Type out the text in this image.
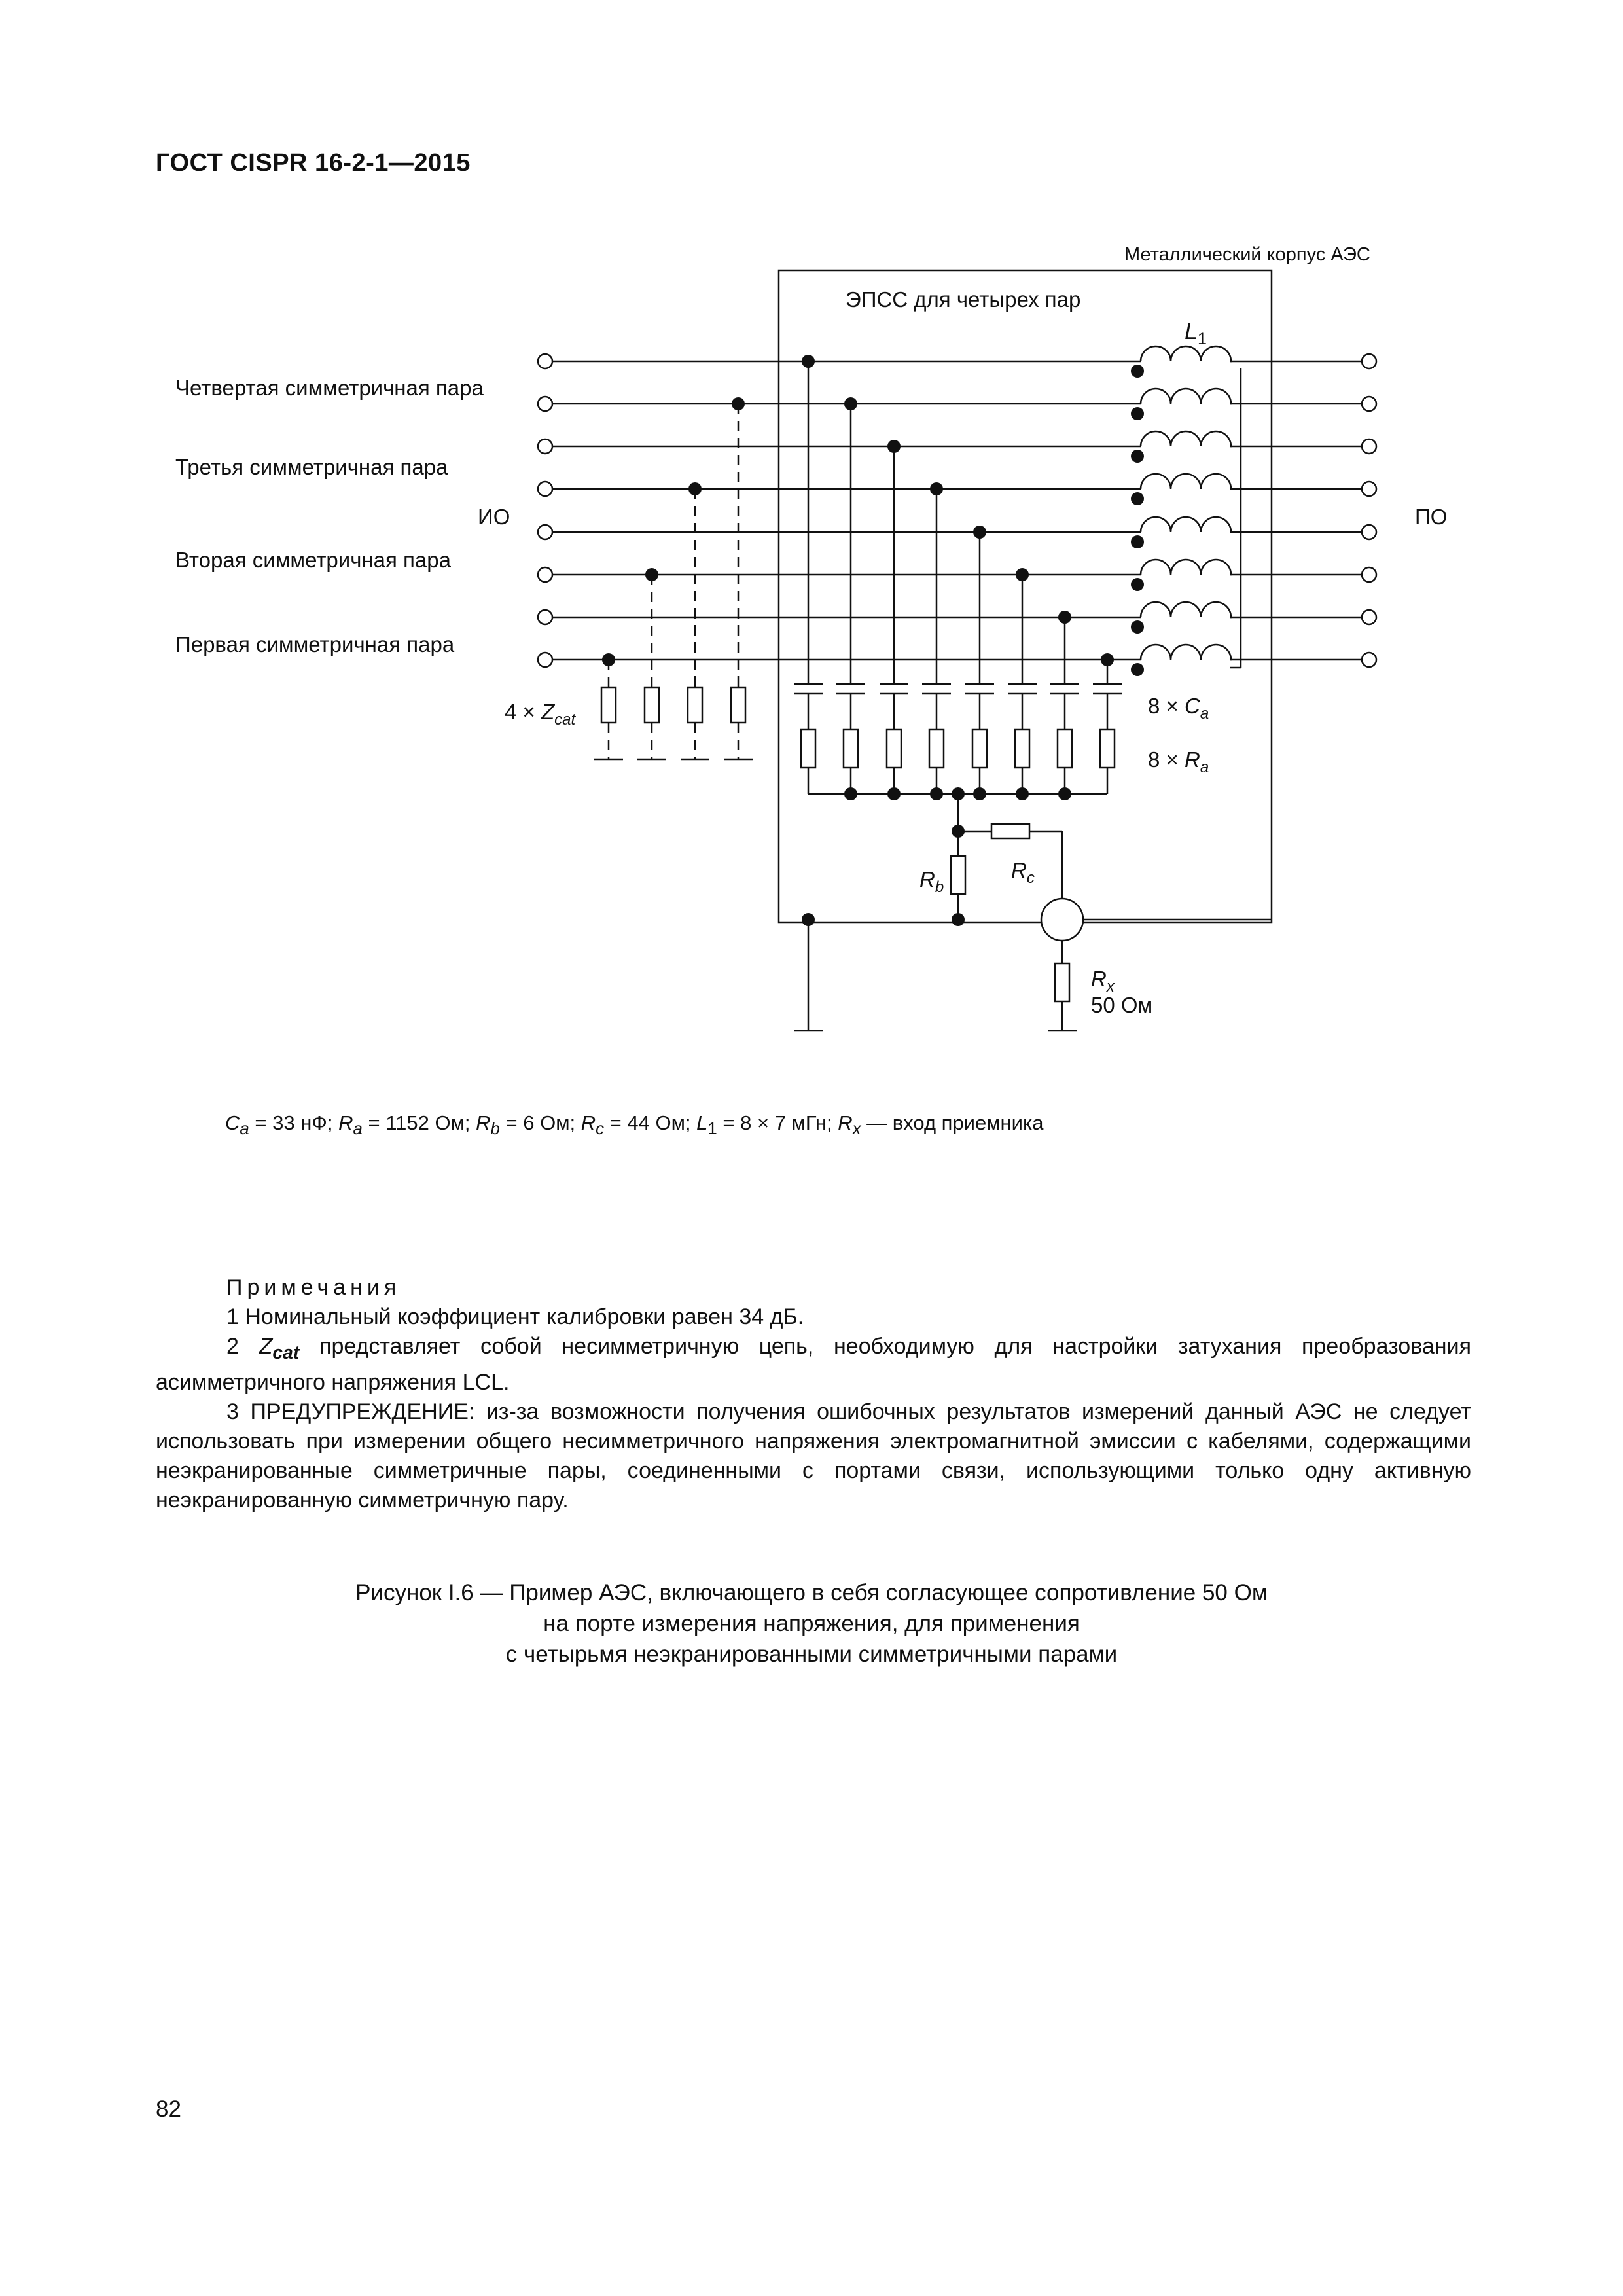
ГОСТ CISPR 16-2-1—2015
Металлический корпус АЭС
ЭПСС для четырех пар
ИО	ПО
Четвертая симметричная пара
Третья симметричная пара
Вторая симметричная пара
Первая симметричная пара
$L_1$
$4 \times Z_{cat}$
$8 \times C_a$
$8 \times R_a$
$R_b$
$R_c$
$R_x$
50 Ом
$C_a = 33$ нФ; $R_a = 1152$ Ом; $R_b = 6$ Ом; $R_c = 44$ Ом; $L_1 = 8 \times 7$ мГн; $R_x$ — вход приемника

Примечания

1 Номинальный коэффициент калибровки равен 34 дБ.

2 $Z_{cat}$ представляет собой несимметричную цепь, необходимую для настройки затухания преобразования асимметричного напряжения LCL.

3 ПРЕДУПРЕЖДЕНИЕ: из-за возможности получения ошибочных результатов измерений данный АЭС не следует использовать при измерении общего несимметричного напряжения электромагнитной эмиссии с кабелями, содержащими неэкранированные симметричные пары, соединенными с портами связи, использующими только одну активную неэкранированную симметричную пару.

Рисунок I.6 — Пример АЭС, включающего в себя согласующее сопротивление 50 Ом
на порте измерения напряжения, для применения
с четырьмя неэкранированными симметричными парами
82
